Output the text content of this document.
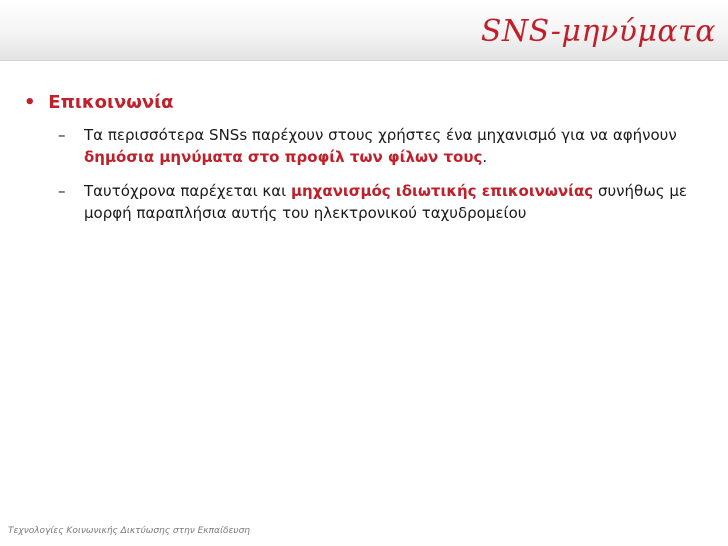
SNS-μηνύματα
• Επικοινωνία
– Τα περισσότερα SNSs παρέχουν στους χρήστες ένα μηχανισμό για να αφήνουν δημόσια μηνύματα στο προφίλ των φίλων τους.
– Ταυτόχρονα παρέχεται και μηχανισμός ιδιωτικής επικοινωνίας συνήθως με μορφή παραπλήσια αυτής του ηλεκτρονικού ταχυδρομείου
Τεχνολογίες Κοινωνικής Δικτύωσης στην Εκπαίδευση
